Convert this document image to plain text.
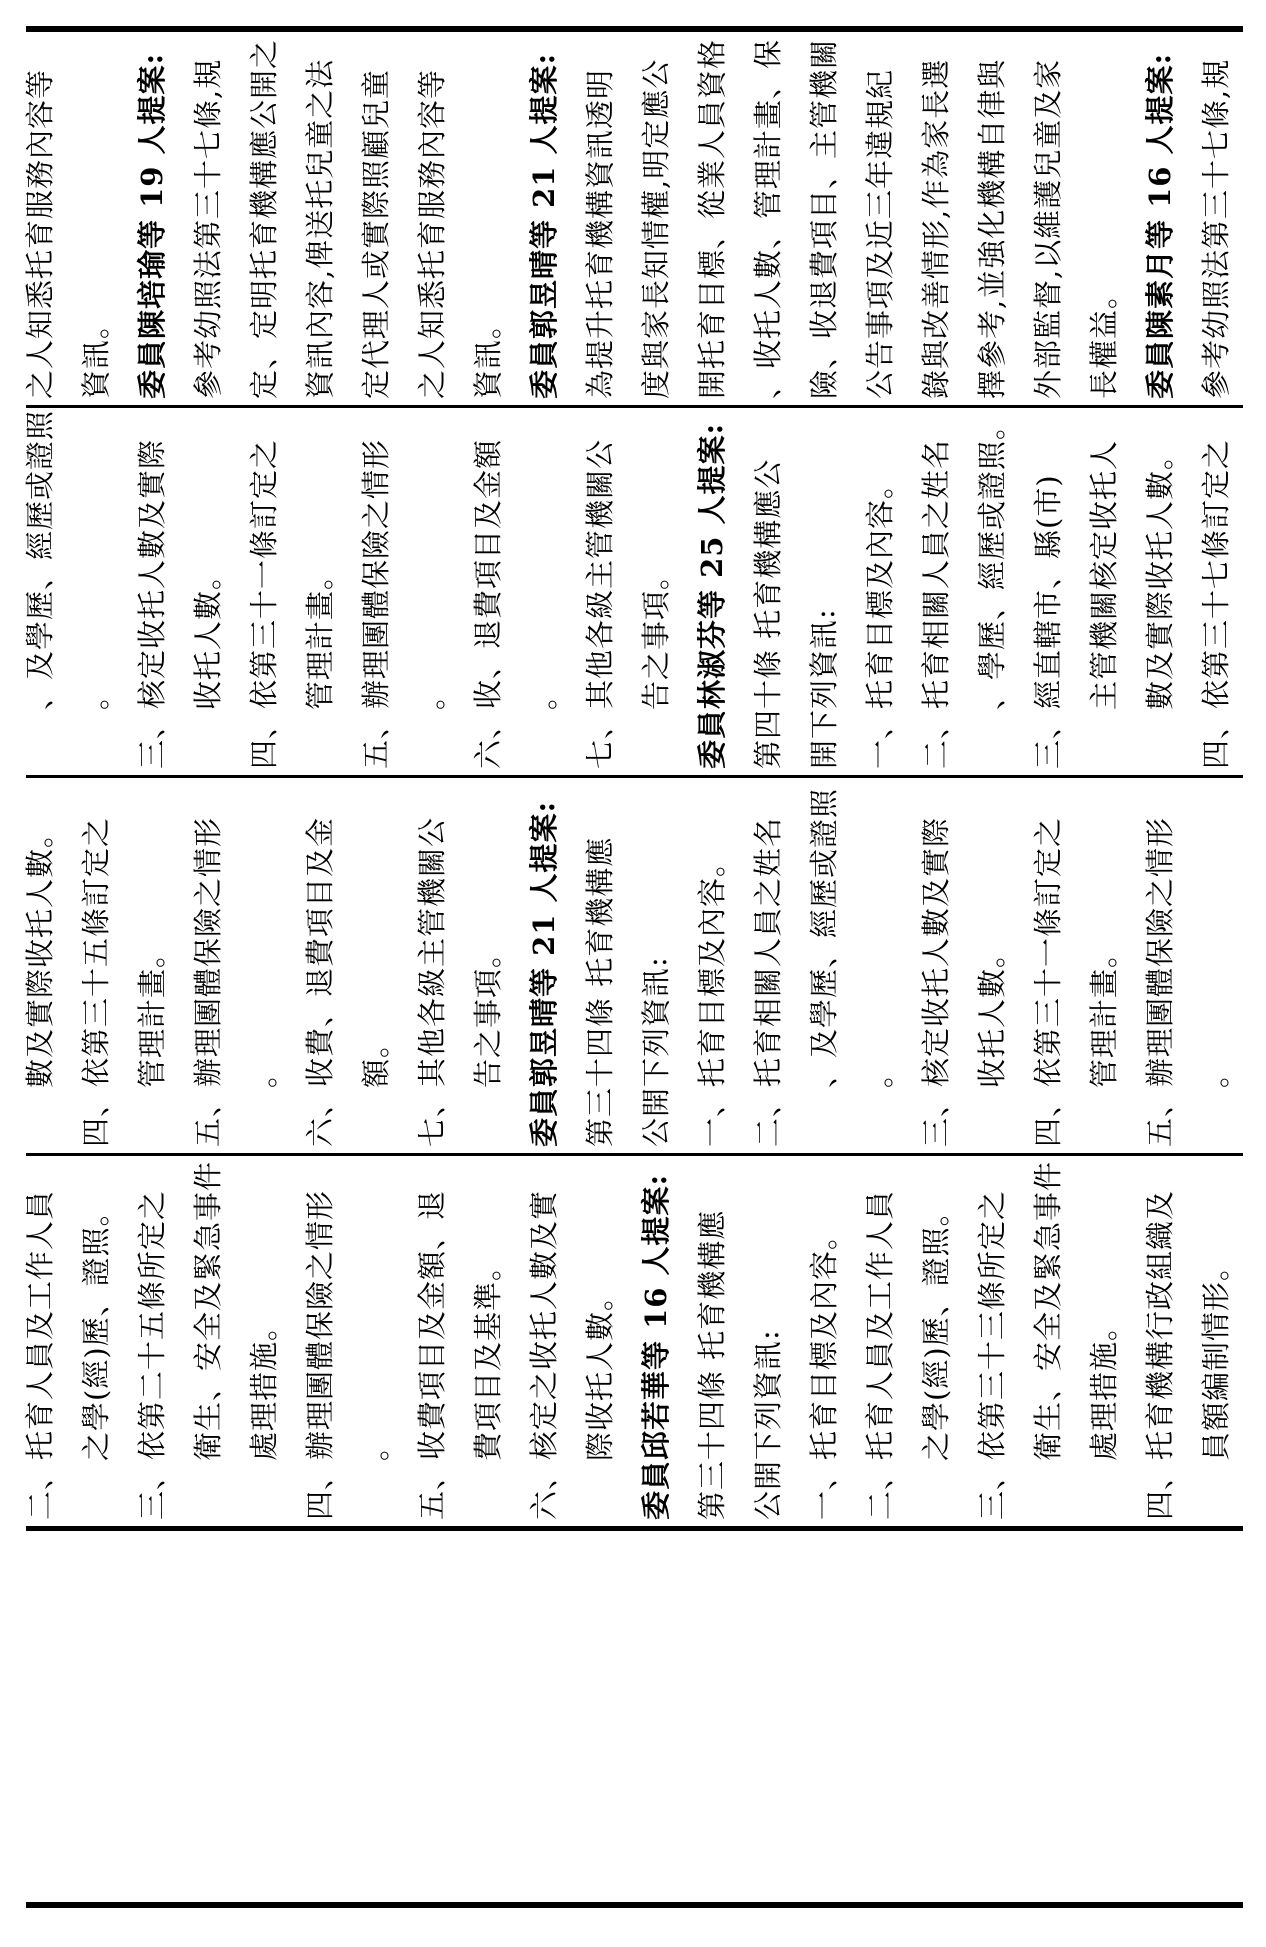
二、托育人員及工作人員 之學(經)歷、證照。 三、依第二十五條所定之 衛生、安全及緊急事件 處理措施。 四、辦理團體保險之情形 。 五、收費項目及金額、退 費項目及基準。 六、核定之收托人數及實 際收托人數。 委員邱若華等 16 人提案: 第三十四條 托育機構應 公開下列資訊: 一、托育目標及內容。 二、托育人員及工作人員 之學(經)歷、證照。 三、依第三十三條所定之 衛生、安全及緊急事件 處理措施。 四、托育機構行政組織及 員額編制情形。
數及實際收托人數。 四、依第三十五條訂定之 管理計畫。 五、辦理團體保險之情形 。 六、收費、退費項目及金 額。 七、其他各級主管機關公 告之事項。 委員郭昱晴等 21 人提案: 第三十四條 托育機構應 公開下列資訊: 一、托育目標及內容。 二、托育相關人員之姓名 、及學歷、經歷或證照 。 三、核定收托人數及實際 收托人數。 四、依第三十一條訂定之 管理計畫。 五、辦理團體保險之情形 。
、及學歷、經歷或證照 。 三、核定收托人數及實際 收托人數。 四、依第三十一條訂定之 管理計畫。 五、辦理團體保險之情形 。 六、收、退費項目及金額 。 七、其他各級主管機關公 告之事項。 委員林淑芬等 25 人提案: 第四十條 托育機構應公 開下列資訊: 一、托育目標及內容。 二、托育相關人員之姓名 、學歷、經歷或證照。 三、經直轄市、縣(市) 主管機關核定收托人 數及實際收托人數。 四、依第三十七條訂定之
之人知悉托育服務內容等 資訊。 委員陳培瑜等 19 人提案: 參考幼照法第三十七條,規 定、定明托育機構應公開之 資訊內容,俾送托兒童之法 定代理人或實際照顧兒童 之人知悉托育服務內容等 資訊。 委員郭昱晴等 21 人提案: 為提升托育機構資訊透明 度與家長知情權,明定應公 開托育目標、從業人員資格 、收托人數、管理計畫、保 險、收退費項目、主管機關 公告事項及近三年違規紀 錄與改善情形,作為家長選 擇參考,並強化機構自律與 外部監督,以維護兒童及家 長權益。 委員陳素月等 16 人提案: 參考幼照法第三十七條,規
